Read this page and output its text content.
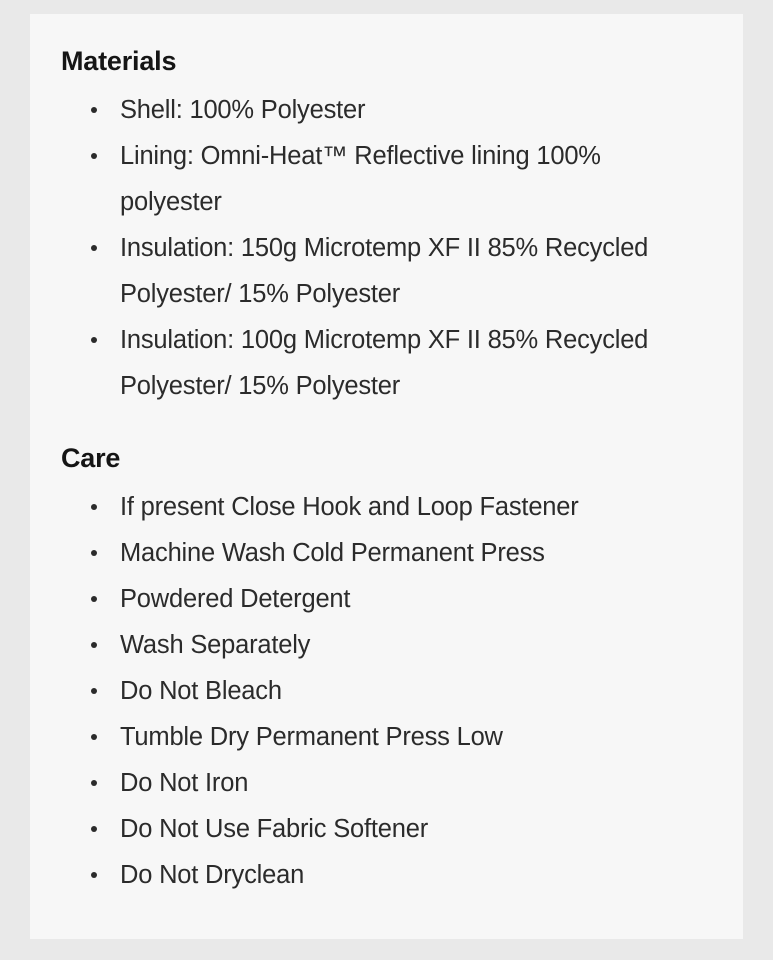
Materials
Shell: 100% Polyester
Lining: Omni-Heat™ Reflective lining 100% polyester
Insulation: 150g Microtemp XF II 85% Recycled Polyester/ 15% Polyester
Insulation: 100g Microtemp XF II 85% Recycled Polyester/ 15% Polyester
Care
If present Close Hook and Loop Fastener
Machine Wash Cold Permanent Press
Powdered Detergent
Wash Separately
Do Not Bleach
Tumble Dry Permanent Press Low
Do Not Iron
Do Not Use Fabric Softener
Do Not Dryclean
